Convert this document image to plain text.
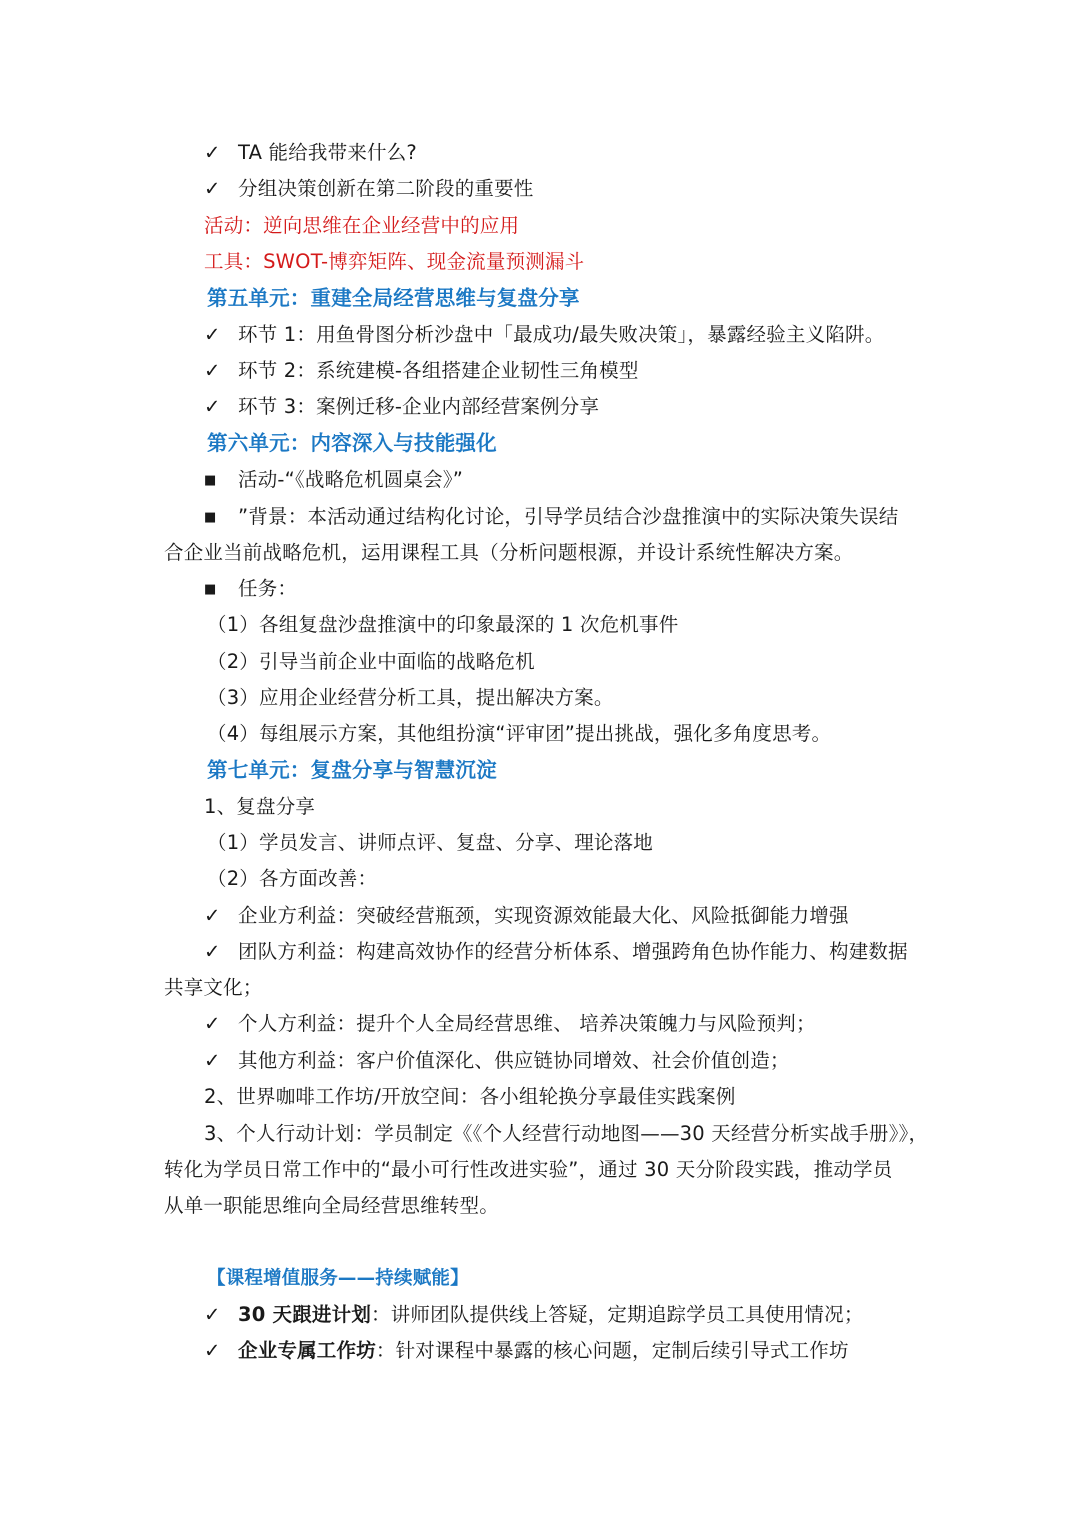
✓ TA 能给我带来什么?
✓ 分组决策创新在第二阶段的重要性
活动：逆向思维在企业经营中的应用
工具：SWOT-博弈矩阵、现金流量预测漏斗
第五单元：重建全局经营思维与复盘分享
✓ 环节 1：用鱼骨图分析沙盘中「最成功/最失败决策」，暴露经验主义陷阱。
✓ 环节 2：系统建模-各组搭建企业韧性三角模型
✓ 环节 3：案例迁移-企业内部经营案例分享
第六单元：内容深入与技能强化
■ 活动-“《战略危机圆桌会》”
■ ”背景：本活动通过结构化讨论，引导学员结合沙盘推演中的实际决策失误结
合企业当前战略危机，运用课程工具（分析问题根源，并设计系统性解决方案。
■ 任务：
（1）各组复盘沙盘推演中的印象最深的 1 次危机事件
（2）引导当前企业中面临的战略危机
（3）应用企业经营分析工具，提出解决方案。
（4）每组展示方案，其他组扮演“评审团”提出挑战，强化多角度思考。
第七单元：复盘分享与智慧沉淀
1、复盘分享
（1）学员发言、讲师点评、复盘、分享、理论落地
（2）各方面改善：
✓ 企业方利益：突破经营瓶颈，实现资源效能最大化、风险抵御能力增强
✓ 团队方利益：构建高效协作的经营分析体系、增强跨角色协作能力、构建数据
共享文化；
✓ 个人方利益：提升个人全局经营思维、 培养决策魄力与风险预判；
✓ 其他方利益：客户价值深化、供应链协同增效、社会价值创造；
2、世界咖啡工作坊/开放空间：各小组轮换分享最佳实践案例
3、个人行动计划：学员制定《《个人经营行动地图——30 天经营分析实战手册》》，
转化为学员日常工作中的“最小可行性改进实验”，通过 30 天分阶段实践，推动学员
从单一职能思维向全局经营思维转型。
【课程增值服务——持续赋能】
✓ 30 天跟进计划：讲师团队提供线上答疑，定期追踪学员工具使用情况；
✓ 企业专属工作坊：针对课程中暴露的核心问题，定制后续引导式工作坊
